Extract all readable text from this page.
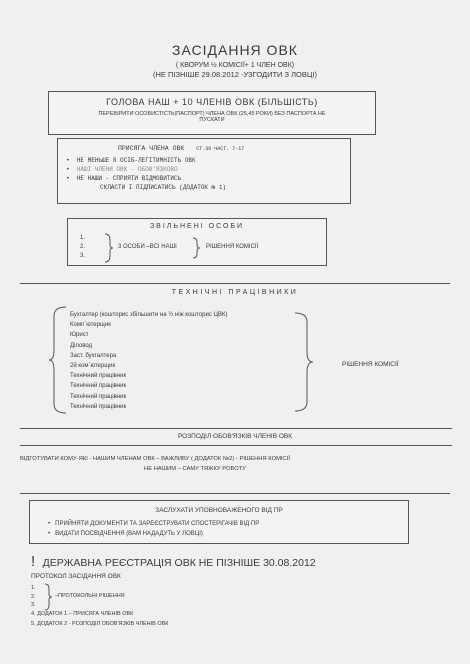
ЗАСІДАННЯ ОВК
( КВОРУМ ½ КОМІСІЇ+ 1 ЧЛЕН ОВК)
(НЕ ПІЗНІШЕ 29.08.2012 -УЗГОДИТИ З ЛОВЦІ)
ГОЛОВА НАШ + 10 ЧЛЕНІВ ОВК (БІЛЬШІСТЬ)
ПЕРЕВІРИТИ ОСОБИСТІСТЬ(ПАСПОРТ) ЧЛЕНА ОВК (25,45 РОКИ) БЕЗ ПАСПОРТА НЕ
ПУСКАТИ
ПРИСЯГА ЧЛЕНА ОВК СТ.36 ЧАСТ. 7-17
• НЕ МЕНЬШЕ 8 ОСІБ-ЛЕГІТИМНІСТЬ ОВК
• НАШІ ЧЛЕНИ ОВК - ОБОВ'ЯЗКОВО
• НЕ НАШИ - СПРИЯТИ ВІДМОВИТИСЬ
СКЛАСТИ І ПІДПИСАТИСЬ (ДОДАТОК № 1)
ЗВІЛЬНЕНІ ОСОБИ
1.
2.
3.
3 ОСОБИ –ВСІ НАШІ	РІШЕННЯ КОМІСІЇ
ТЕХНІЧНІ ПРАЦІВНИКИ
Бухгалтер (кошторис збільшити на ½ ніж кошторис ЦВК)
Комп`ютерщик
Юрист
Діловод
Заст. бухгалтера
2й ком`ютерщик
Технічний працівник
Технічний працівник
Технічний працівник
Технічний працівник
РІШЕННЯ КОМІСІЇ
РОЗПОДІЛ ОБОВ'ЯЗКІВ ЧЛЕНІВ ОВК
ВІДГОТУВАТИ КОМУ-ЯКІ - НАШИМ ЧЛЕНАМ ОВК – ВАЖЛИВУ ( ДОДАТОК №2) - РІШЕННЯ КОМІСІЇ
НЕ НАШИМ – САМУ ТЯЖКУ РОБОТУ
ЗАСЛУХАТИ УПОВНОВАЖЕНОГО ВІД ПР
• ПРИЙНЯТИ ДОКУМЕНТИ ТА ЗАРЕЄСТРУВАТИ СПОСТЕРІГАЧІВ ВІД ПР
• ВИДАТИ ПОСВІДЧЕННЯ (ВАМ НАДАДУТЬ У ЛОВЦІ)
! ДЕРЖАВНА РЕЄСТРАЦІЯ ОВК НЕ ПІЗНІШЕ 30.08.2012
ПРОТОКОЛ ЗАСІДАННЯ ОВК
1.
2.
3.
–ПРОТОКОЛЬНІ РІШЕННЯ
4. ДОДАТОК 1 – ПРИСЯГА ЧЛЕНІВ ОВК
5. ДОДАТОК 2 - РОЗПОДІЛ ОБОВ'ЯЗКІВ ЧЛЕНІВ ОВК
